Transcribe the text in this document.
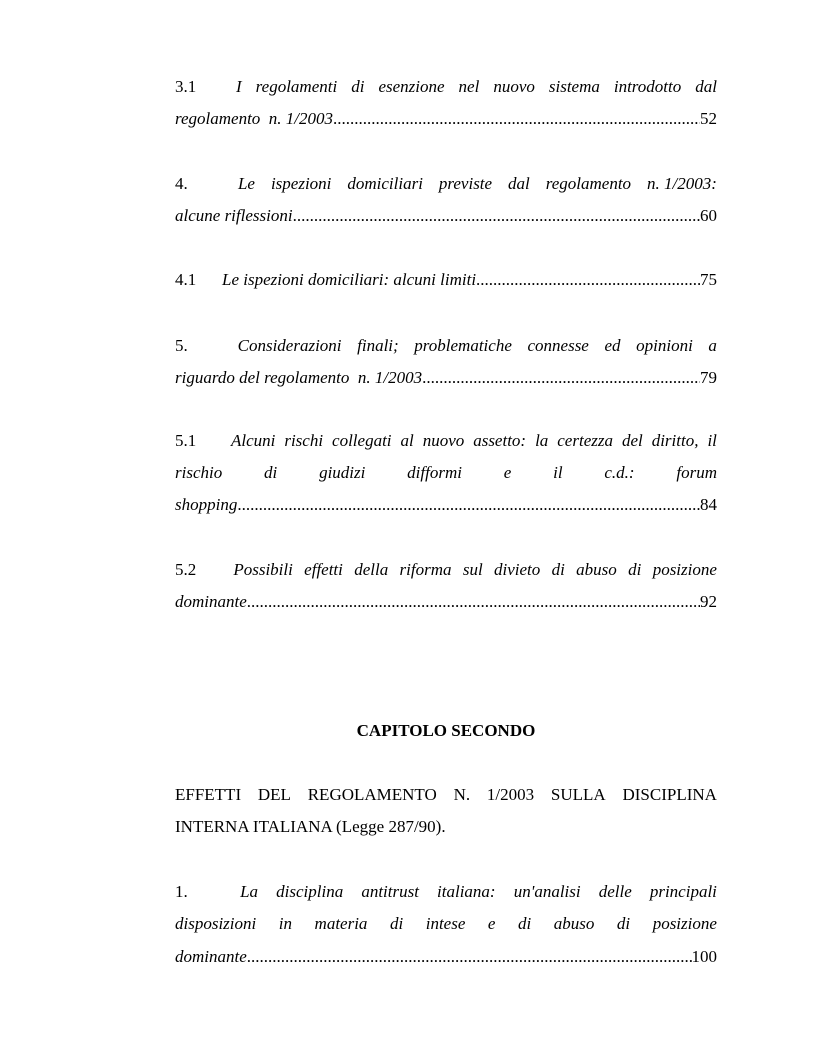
3.1	I regolamenti di esenzione nel nuovo sistema introdotto dal
regolamento  n. 1/2003 .....	52
4.	Le ispezioni domiciliari previste dal regolamento n. 1/2003:
alcune riflessioni .....	60
4.1	Le ispezioni domiciliari: alcuni limiti .....	75
5.	Considerazioni finali; problematiche connesse ed opinioni a
riguardo del regolamento  n. 1/2003 .....	79
5.1	Alcuni rischi collegati al nuovo assetto: la certezza del diritto, il
rischio di giudizi difformi e il c.d.: forum
shopping .....	84
5.2	Possibili effetti della riforma sul divieto di abuso di posizione
dominante .....	92
CAPITOLO SECONDO
EFFETTI DEL REGOLAMENTO N. 1/2003 SULLA DISCIPLINA
INTERNA ITALIANA (Legge 287/90).
1.	La disciplina antitrust italiana: un'analisi delle principali
disposizioni in materia di intese e di abuso di posizione
dominante .....	100
